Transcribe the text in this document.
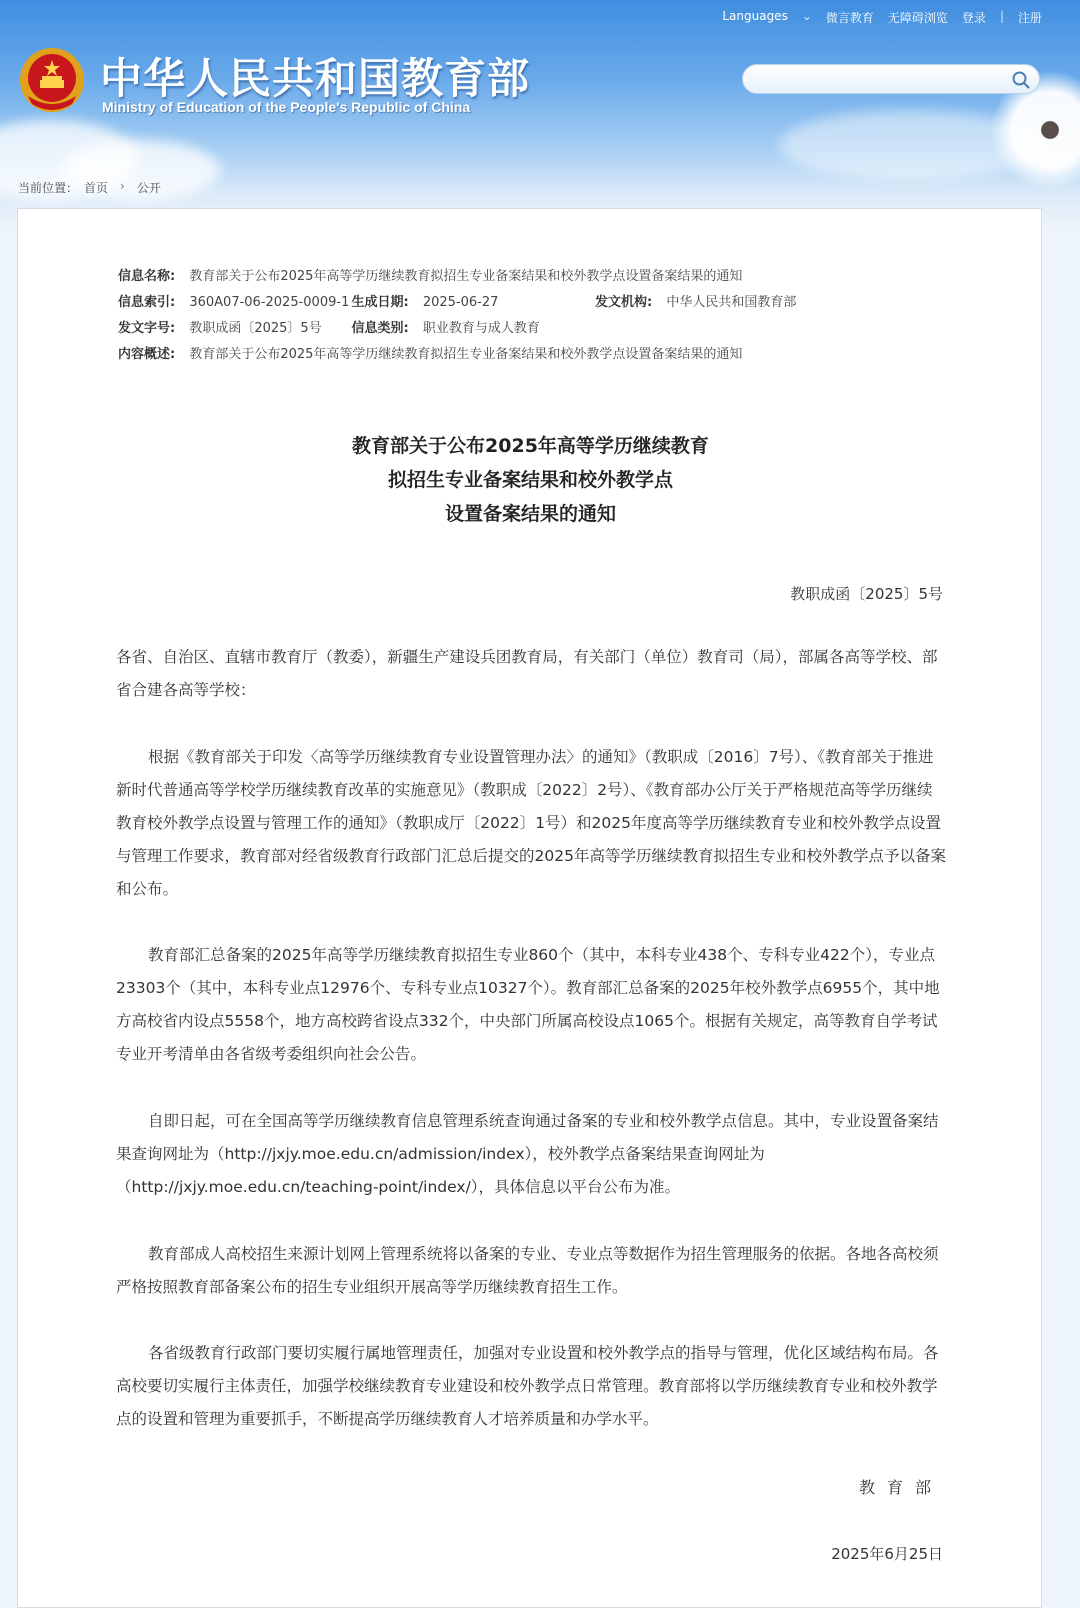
Languages ⌄ 微言教育 无障碍浏览 登录 | 注册
中华人民共和国教育部
Ministry of Education of the People's Republic of China
当前位置： 首页 › 公开
信息名称: 教育部关于公布2025年高等学历继续教育拟招生专业备案结果和校外教学点设置备案结果的通知
信息索引: 360A07-06-2025-0009-1 生成日期: 2025-06-27	发文机构: 中华人民共和国教育部
发文字号: 教职成函〔2025〕5号 信息类别: 职业教育与成人教育
内容概述: 教育部关于公布2025年高等学历继续教育拟招生专业备案结果和校外教学点设置备案结果的通知
教育部关于公布2025年高等学历继续教育
拟招生专业备案结果和校外教学点
设置备案结果的通知
教职成函〔2025〕5号
各省、自治区、直辖市教育厅（教委），新疆生产建设兵团教育局，有关部门（单位）教育司（局），部属各高等学校、部省合建各高等学校：
根据《教育部关于印发〈高等学历继续教育专业设置管理办法〉的通知》（教职成〔2016〕7号）、《教育部关于推进新时代普通高等学校学历继续教育改革的实施意见》（教职成〔2022〕2号）、《教育部办公厅关于严格规范高等学历继续教育校外教学点设置与管理工作的通知》（教职成厅〔2022〕1号）和2025年度高等学历继续教育专业和校外教学点设置与管理工作要求，教育部对经省级教育行政部门汇总后提交的2025年高等学历继续教育拟招生专业和校外教学点予以备案和公布。
教育部汇总备案的2025年高等学历继续教育拟招生专业860个（其中，本科专业438个、专科专业422个），专业点23303个（其中，本科专业点12976个、专科专业点10327个）。教育部汇总备案的2025年校外教学点6955个，其中地方高校省内设点5558个，地方高校跨省设点332个，中央部门所属高校设点1065个。根据有关规定，高等教育自学考试专业开考清单由各省级考委组织向社会公告。
自即日起，可在全国高等学历继续教育信息管理系统查询通过备案的专业和校外教学点信息。其中，专业设置备案结果查询网址为（http://jxjy.moe.edu.cn/admission/index），校外教学点备案结果查询网址为（http://jxjy.moe.edu.cn/teaching-point/index/），具体信息以平台公布为准。
教育部成人高校招生来源计划网上管理系统将以备案的专业、专业点等数据作为招生管理服务的依据。各地各高校须严格按照教育部备案公布的招生专业组织开展高等学历继续教育招生工作。
各省级教育行政部门要切实履行属地管理责任，加强对专业设置和校外教学点的指导与管理，优化区域结构布局。各高校要切实履行主体责任，加强学校继续教育专业建设和校外教学点日常管理。教育部将以学历继续教育专业和校外教学点的设置和管理为重要抓手，不断提高学历继续教育人才培养质量和办学水平。
教育部
2025年6月25日
